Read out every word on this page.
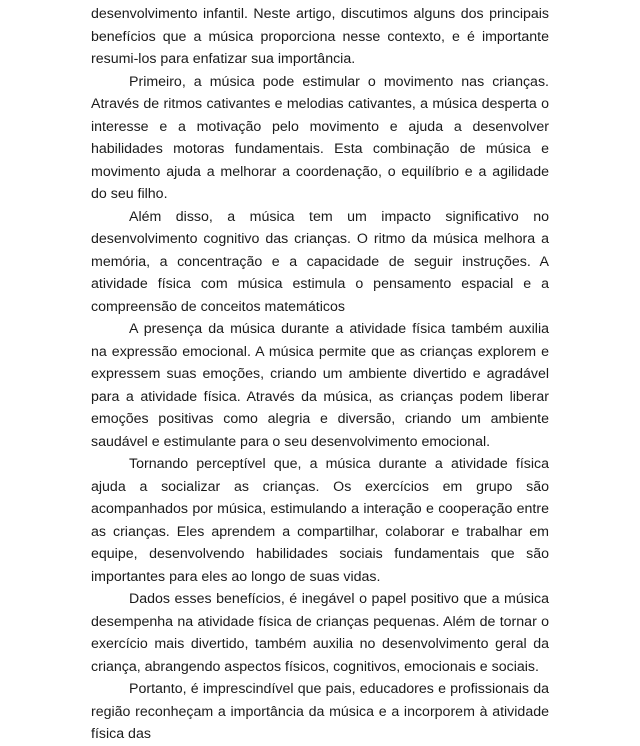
desenvolvimento infantil. Neste artigo, discutimos alguns dos principais benefícios que a música proporciona nesse contexto, e é importante resumi-los para enfatizar sua importância.

Primeiro, a música pode estimular o movimento nas crianças. Através de ritmos cativantes e melodias cativantes, a música desperta o interesse e a motivação pelo movimento e ajuda a desenvolver habilidades motoras fundamentais. Esta combinação de música e movimento ajuda a melhorar a coordenação, o equilíbrio e a agilidade do seu filho.

Além disso, a música tem um impacto significativo no desenvolvimento cognitivo das crianças. O ritmo da música melhora a memória, a concentração e a capacidade de seguir instruções. A atividade física com música estimula o pensamento espacial e a compreensão de conceitos matemáticos

A presença da música durante a atividade física também auxilia na expressão emocional. A música permite que as crianças explorem e expressem suas emoções, criando um ambiente divertido e agradável para a atividade física. Através da música, as crianças podem liberar emoções positivas como alegria e diversão, criando um ambiente saudável e estimulante para o seu desenvolvimento emocional.

Tornando perceptível que, a música durante a atividade física ajuda a socializar as crianças. Os exercícios em grupo são acompanhados por música, estimulando a interação e cooperação entre as crianças. Eles aprendem a compartilhar, colaborar e trabalhar em equipe, desenvolvendo habilidades sociais fundamentais que são importantes para eles ao longo de suas vidas.

Dados esses benefícios, é inegável o papel positivo que a música desempenha na atividade física de crianças pequenas. Além de tornar o exercício mais divertido, também auxilia no desenvolvimento geral da criança, abrangendo aspectos físicos, cognitivos, emocionais e sociais.

Portanto, é imprescindível que pais, educadores e profissionais da região reconheçam a importância da música e a incorporem à atividade física das
